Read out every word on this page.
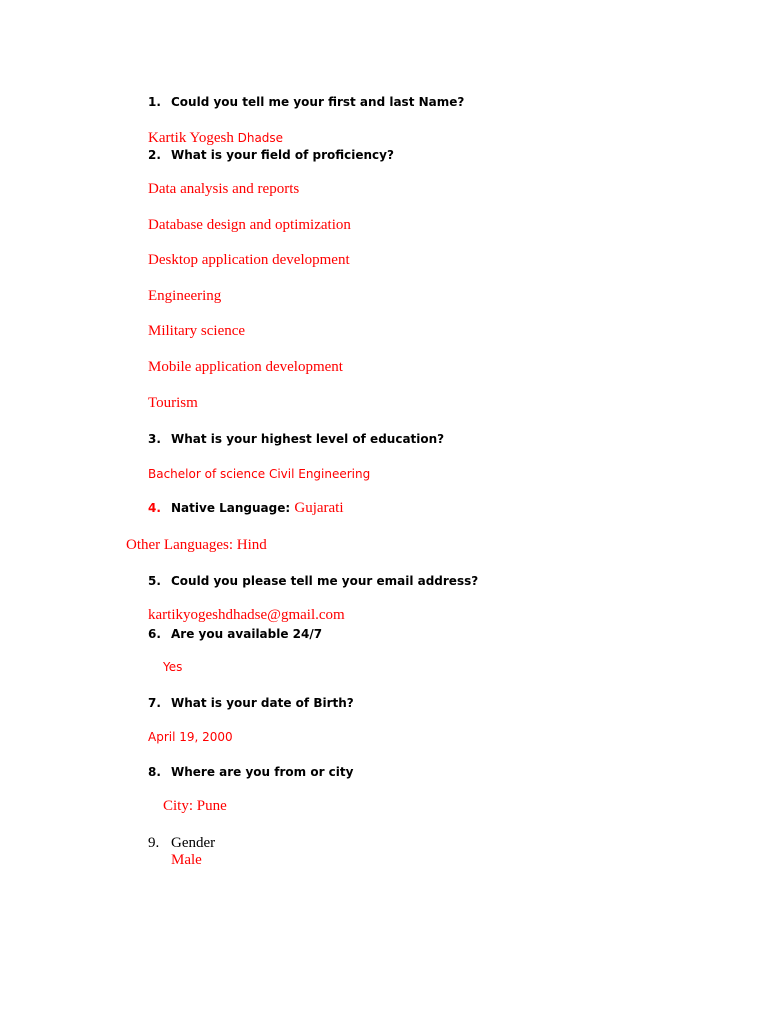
1. Could you tell me your first and last Name?
Kartik Yogesh Dhadse
2. What is your field of proficiency?
Data analysis and reports
Database design and optimization
Desktop application development
Engineering
Military science
Mobile application development
Tourism
3. What is your highest level of education?
Bachelor of science Civil Engineering
4. Native Language: Gujarati
Other Languages: Hind
5. Could you please tell me your email address?
kartikyogeshdhadse@gmail.com
6. Are you available 24/7
Yes
7. What is your date of Birth?
April 19, 2000
8. Where are you from or city
City: Pune
9. Gender
Male
